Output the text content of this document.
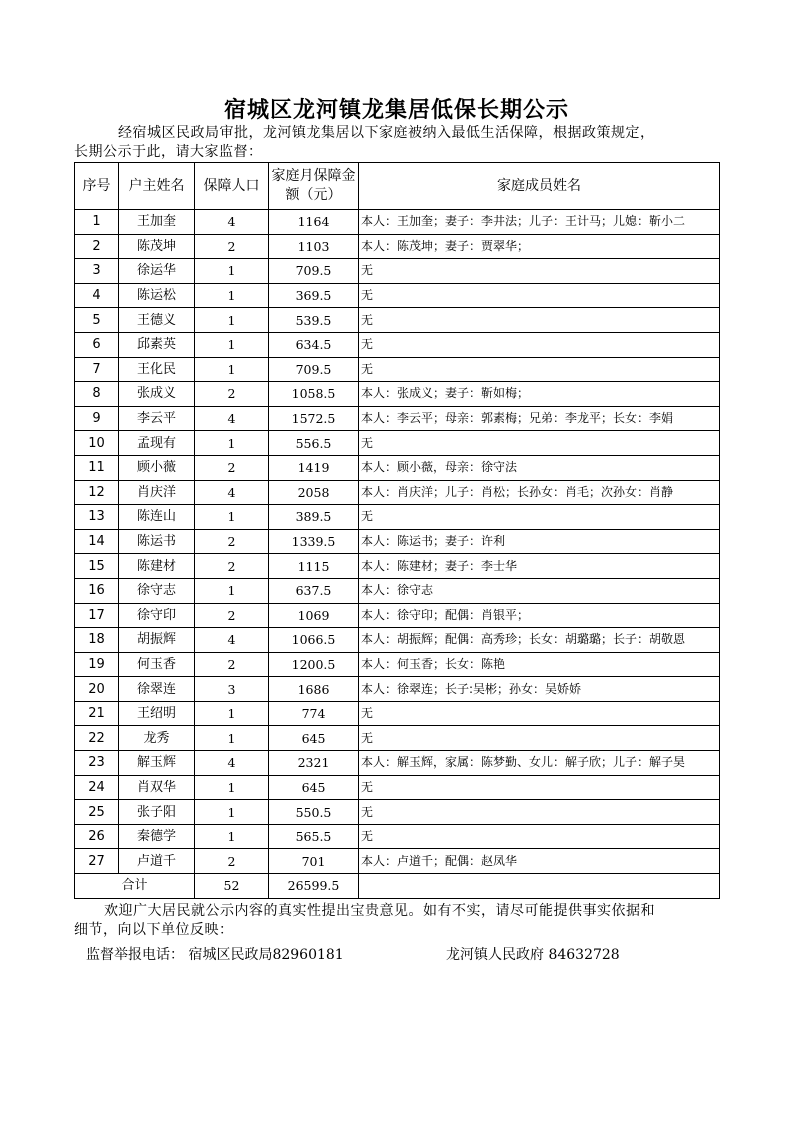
宿城区龙河镇龙集居低保长期公示
经宿城区民政局审批，龙河镇龙集居以下家庭被纳入最低生活保障，根据政策规定，
长期公示于此，请大家监督：
序号	户主姓名	保障人口	家庭月保障金额（元）	家庭成员姓名
1	王加奎	4	1164	本人：王加奎；妻子：李井法；儿子：王计马；儿媳：靳小二

2	陈茂坤	2	1103	本人：陈茂坤；妻子：贾翠华；

3	徐运华	1	709.5	无

4	陈运松	1	369.5	无

5	王德义	1	539.5	无

6	邱素英	1	634.5	无

7	王化民	1	709.5	无

8	张成义	2	1058.5	本人：张成义；妻子：靳如梅；

9	李云平	4	1572.5	本人：李云平；母亲：郭素梅；兄弟：李龙平；长女：李娟

10	孟现有	1	556.5	无

11	顾小薇	2	1419	本人：顾小薇，母亲：徐守法

12	肖庆洋	4	2058	本人：肖庆洋；儿子：肖松；长孙女：肖毛；次孙女：肖静

13	陈连山	1	389.5	无

14	陈运书	2	1339.5	本人：陈运书；妻子：许利

15	陈建材	2	1115	本人：陈建材；妻子：李士华

16	徐守志	1	637.5	本人：徐守志

17	徐守印	2	1069	本人：徐守印；配偶：肖银平；

18	胡振辉	4	1066.5	本人：胡振辉；配偶：高秀珍；长女：胡璐璐；长子：胡敬恩

19	何玉香	2	1200.5	本人：何玉香；长女：陈艳

20	徐翠连	3	1686	本人：徐翠连；长子:吴彬；孙女：吴娇娇

21	王绍明	1	774	无

22	龙秀	1	645	无

23	解玉辉	4	2321	本人：解玉辉，家属：陈梦勤、女儿：解子欣；儿子：解子昊

24	肖双华	1	645	无

25	张子阳	1	550.5	无

26	秦德学	1	565.5	无

27	卢道千	2	701	本人：卢道千；配偶：赵凤华

合计		52	26599.5	
欢迎广大居民就公示内容的真实性提出宝贵意见。如有不实，请尽可能提供事实依据和
细节，向以下单位反映：
监督举报电话： 宿城区民政局82960181	龙河镇人民政府 84632728
